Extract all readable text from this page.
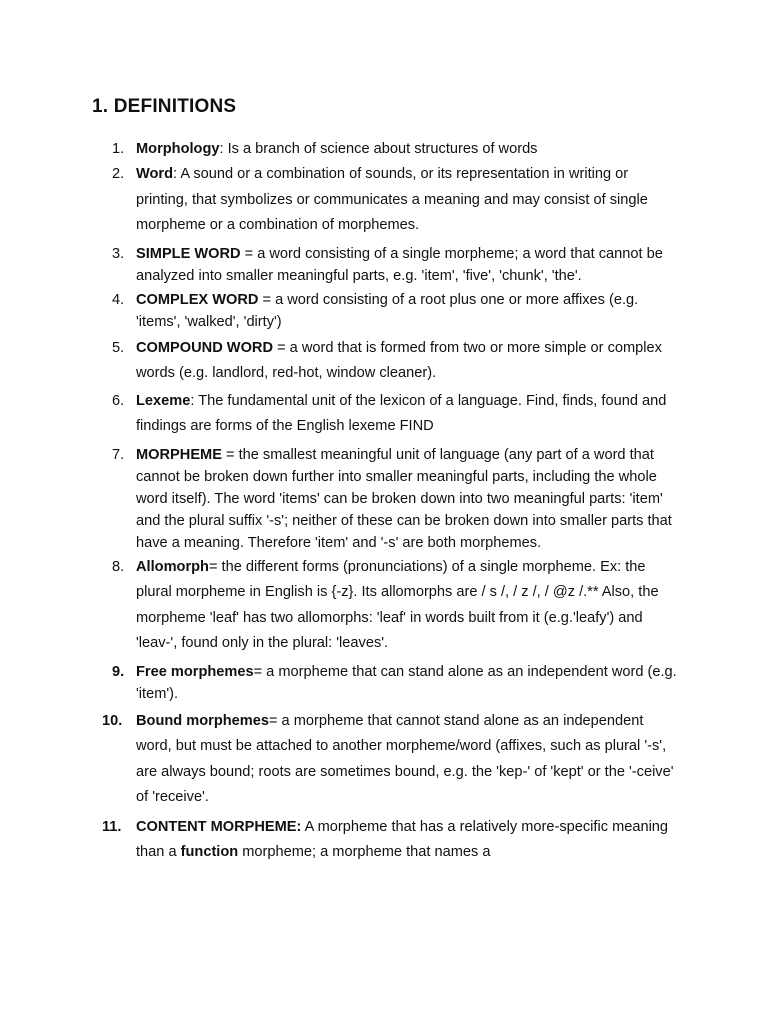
1. DEFINITIONS
1. Morphology: Is a branch of science about structures of words
2. Word: A sound or a combination of sounds, or its representation in writing or printing, that symbolizes or communicates a meaning and may consist of single morpheme or a combination of morphemes.
3. SIMPLE WORD = a word consisting of a single morpheme; a word that cannot be analyzed into smaller meaningful parts, e.g. 'item', 'five', 'chunk', 'the'.
4. COMPLEX WORD = a word consisting of a root plus one or more affixes (e.g. 'items', 'walked', 'dirty')
5. COMPOUND WORD = a word that is formed from two or more simple or complex words (e.g. landlord, red-hot, window cleaner).
6. Lexeme: The fundamental unit of the lexicon of a language. Find, finds, found and findings are forms of the English lexeme FIND
7. MORPHEME = the smallest meaningful unit of language (any part of a word that cannot be broken down further into smaller meaningful parts, including the whole word itself). The word 'items' can be broken down into two meaningful parts: 'item' and the plural suffix '-s'; neither of these can be broken down into smaller parts that have a meaning. Therefore 'item' and '-s' are both morphemes.
8. Allomorph= the different forms (pronunciations) of a single morpheme. Ex: the plural morpheme in English is {-z}. Its allomorphs are / s /, / z /, / @z /.** Also, the morpheme 'leaf' has two allomorphs: 'leaf' in words built from it (e.g.'leafy') and 'leav-', found only in the plural: 'leaves'.
9. Free morphemes= a morpheme that can stand alone as an independent word (e.g. 'item').
10. Bound morphemes= a morpheme that cannot stand alone as an independent word, but must be attached to another morpheme/word (affixes, such as plural '-s', are always bound; roots are sometimes bound, e.g. the 'kep-' of 'kept' or the '-ceive' of 'receive'.
11. CONTENT MORPHEME: A morpheme that has a relatively more-specific meaning than a function morpheme; a morpheme that names a
